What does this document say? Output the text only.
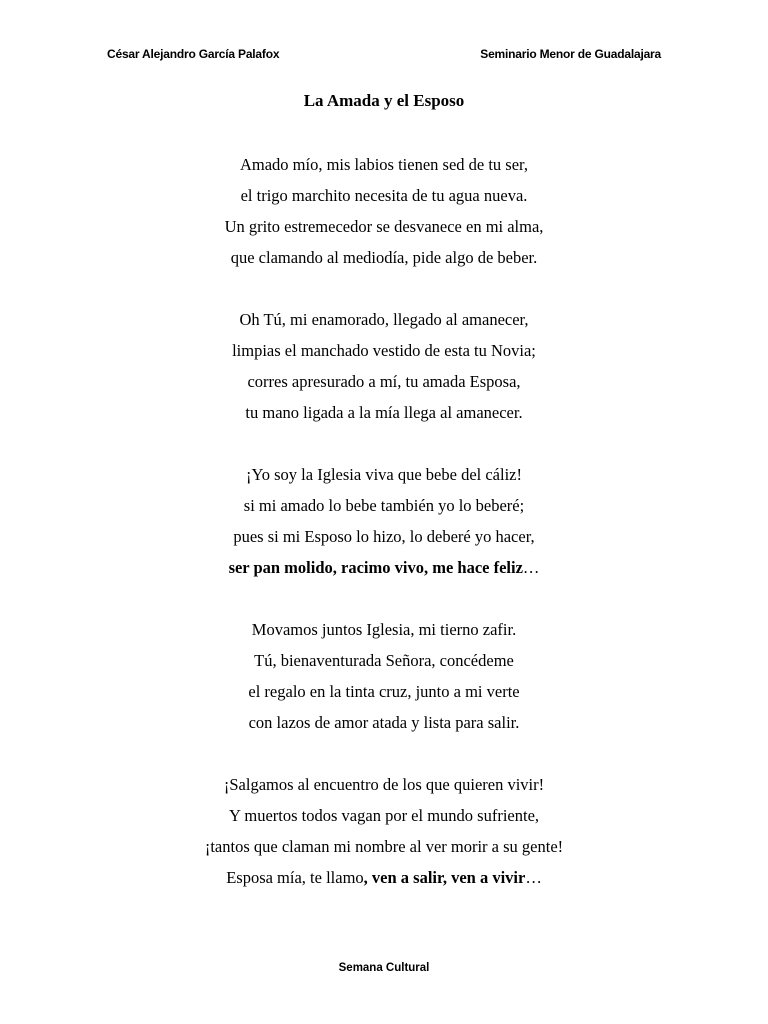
César Alejandro García Palafox	Seminario Menor de Guadalajara
La Amada y el Esposo
Amado mío, mis labios tienen sed de tu ser,
el trigo marchito necesita de tu agua nueva.
Un grito estremecedor se desvanece en mi alma,
que clamando al mediodía, pide algo de beber.
Oh Tú, mi enamorado, llegado al amanecer,
limpias el manchado vestido de esta tu Novia;
corres apresurado a mí, tu amada Esposa,
tu mano ligada a la mía llega al amanecer.
¡Yo soy la Iglesia viva que bebe del cáliz!
si mi amado lo bebe también yo lo beberé;
pues si mi Esposo lo hizo, lo deberé yo hacer,
ser pan molido, racimo vivo, me hace feliz…
Movamos juntos Iglesia, mi tierno zafir.
Tú, bienaventurada Señora, concédeme
el regalo en la tinta cruz, junto a mi verte
con lazos de amor atada y lista para salir.
¡Salgamos al encuentro de los que quieren vivir!
Y muertos todos vagan por el mundo sufriente,
¡tantos que claman mi nombre al ver morir a su gente!
Esposa mía, te llamo, ven a salir, ven a vivir…
Semana Cultural
